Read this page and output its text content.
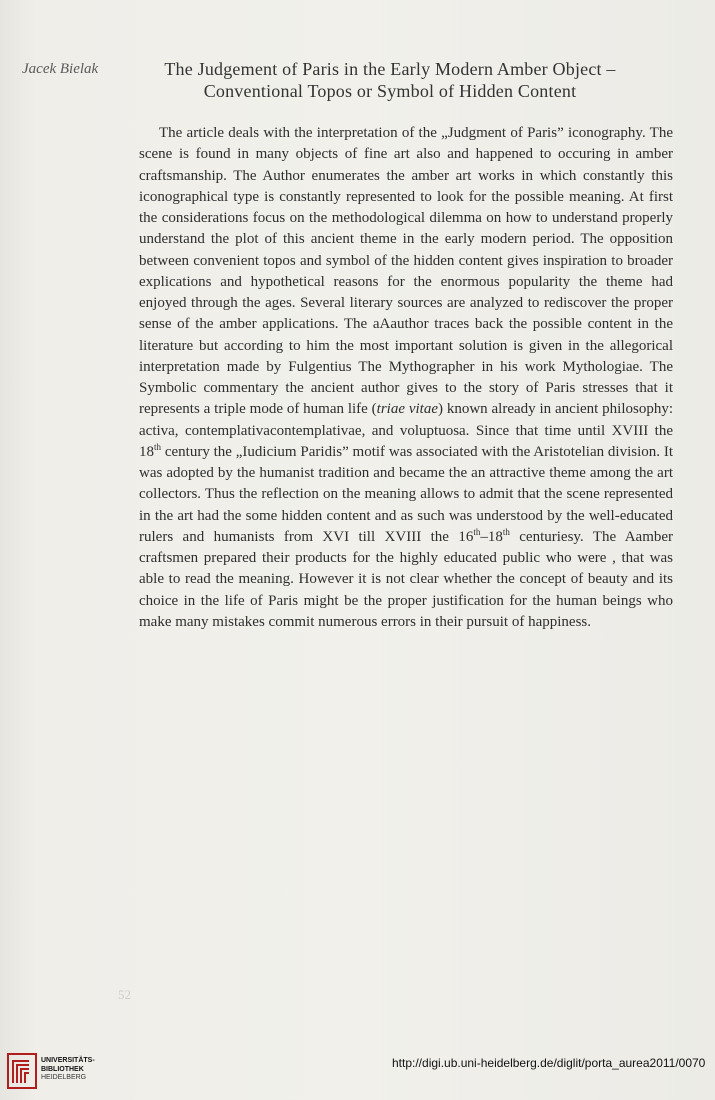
Jacek Bielak	The Judgement of Paris in the Early Modern Amber Object –
Conventional Topos or Symbol of Hidden Content
The article deals with the interpretation of the „Judgment of Paris” iconography. The scene is found in many objects of fine art also and happened to occuring in amber craftsmanship. The Author enumerates the amber art works in which constantly this iconographical type is constantly represented to look for the possible meaning. At first the considerations focus on the methodological dilemma on how to understand properly understand the plot of this ancient theme in the early modern period. The opposition between convenient topos and symbol of the hidden content gives inspiration to broader explications and hypothetical reasons for the enormous popularity the theme had enjoyed through the ages. Several literary sources are analyzed to rediscover the proper sense of the amber applications. The aAauthor traces back the possible content in the literature but according to him the most important solution is given in the allegorical interpretation made by Fulgentius The Mythographer in his work Mythologiae. The Symbolic commentary the ancient author gives to the story of Paris stresses that it represents a triple mode of human life (triae vitae) known already in ancient philosophy: activa, contemplativacontemplativae, and voluptuosa. Since that time until XVIII the 18th century the „Iudicium Paridis” motif was associated with the Aristotelian division. It was adopted by the humanist tradition and became the an attractive theme among the art collectors. Thus the reflection on the meaning allows to admit that the scene represented in the art had the some hidden content and as such was understood by the well-educated rulers and humanists from XVI till XVIII the 16th–18th centuriesy. The Aamber craftsmen prepared their products for the highly educated public who were , that was able to read the meaning. However it is not clear whether the concept of beauty and its choice in the life of Paris might be the proper justification for the human beings who make many mistakes commit numerous errors in their pursuit of happiness.
52
UNIVERSITÄTS-
BIBLIOTHEK
HEIDELBERG
http://digi.ub.uni-heidelberg.de/diglit/porta_aurea2011/0070
